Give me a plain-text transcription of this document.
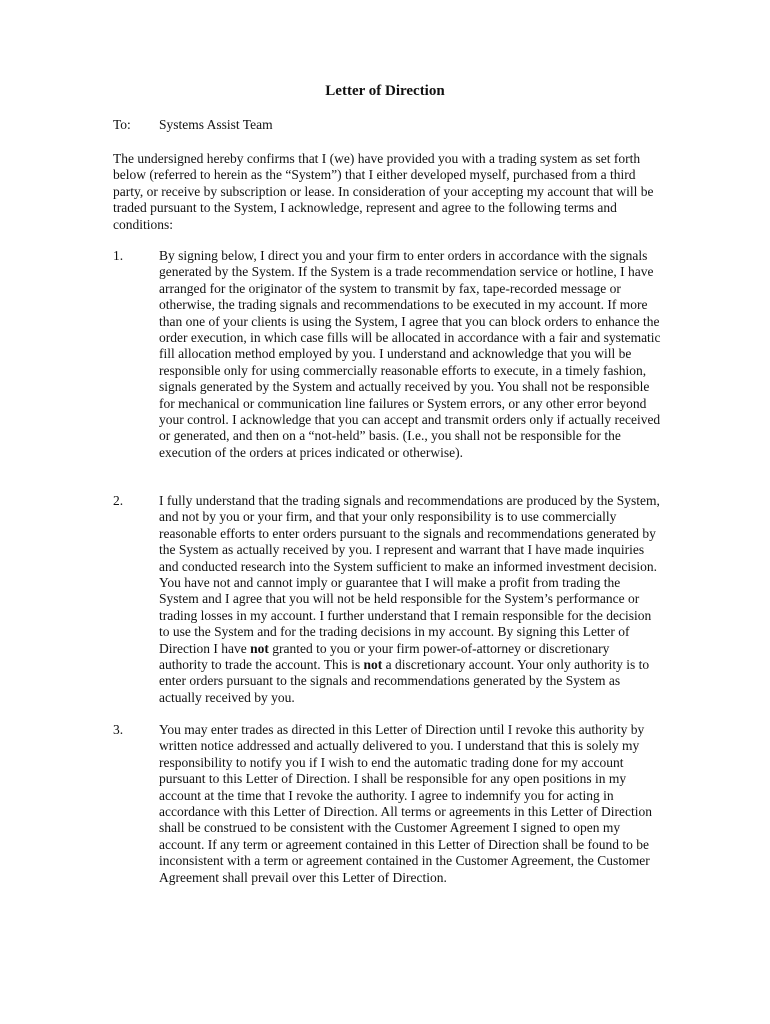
Letter of Direction
To: Systems Assist Team
The undersigned hereby confirms that I (we) have provided you with a trading system as set forth below (referred to herein as the “System”) that I either developed myself, purchased from a third party, or receive by subscription or lease. In consideration of your accepting my account that will be traded pursuant to the System, I acknowledge, represent and agree to the following terms and conditions:
1.	By signing below, I direct you and your firm to enter orders in accordance with the signals generated by the System. If the System is a trade recommendation service or hotline, I have arranged for the originator of the system to transmit by fax, tape-recorded message or otherwise, the trading signals and recommendations to be executed in my account. If more than one of your clients is using the System, I agree that you can block orders to enhance the order execution, in which case fills will be allocated in accordance with a fair and systematic fill allocation method employed by you. I understand and acknowledge that you will be responsible only for using commercially reasonable efforts to execute, in a timely fashion, signals generated by the System and actually received by you. You shall not be responsible for mechanical or communication line failures or System errors, or any other error beyond your control. I acknowledge that you can accept and transmit orders only if actually received or generated, and then on a “not-held” basis. (I.e., you shall not be responsible for the execution of the orders at prices indicated or otherwise).
2.	I fully understand that the trading signals and recommendations are produced by the System, and not by you or your firm, and that your only responsibility is to use commercially reasonable efforts to enter orders pursuant to the signals and recommendations generated by the System as actually received by you. I represent and warrant that I have made inquiries and conducted research into the System sufficient to make an informed investment decision. You have not and cannot imply or guarantee that I will make a profit from trading the System and I agree that you will not be held responsible for the System’s performance or trading losses in my account. I further understand that I remain responsible for the decision to use the System and for the trading decisions in my account. By signing this Letter of Direction I have not granted to you or your firm power-of-attorney or discretionary authority to trade the account. This is not a discretionary account. Your only authority is to enter orders pursuant to the signals and recommendations generated by the System as actually received by you.
3.	You may enter trades as directed in this Letter of Direction until I revoke this authority by written notice addressed and actually delivered to you. I understand that this is solely my responsibility to notify you if I wish to end the automatic trading done for my account pursuant to this Letter of Direction. I shall be responsible for any open positions in my account at the time that I revoke the authority. I agree to indemnify you for acting in accordance with this Letter of Direction. All terms or agreements in this Letter of Direction shall be construed to be consistent with the Customer Agreement I signed to open my account. If any term or agreement contained in this Letter of Direction shall be found to be inconsistent with a term or agreement contained in the Customer Agreement, the Customer Agreement shall prevail over this Letter of Direction.
